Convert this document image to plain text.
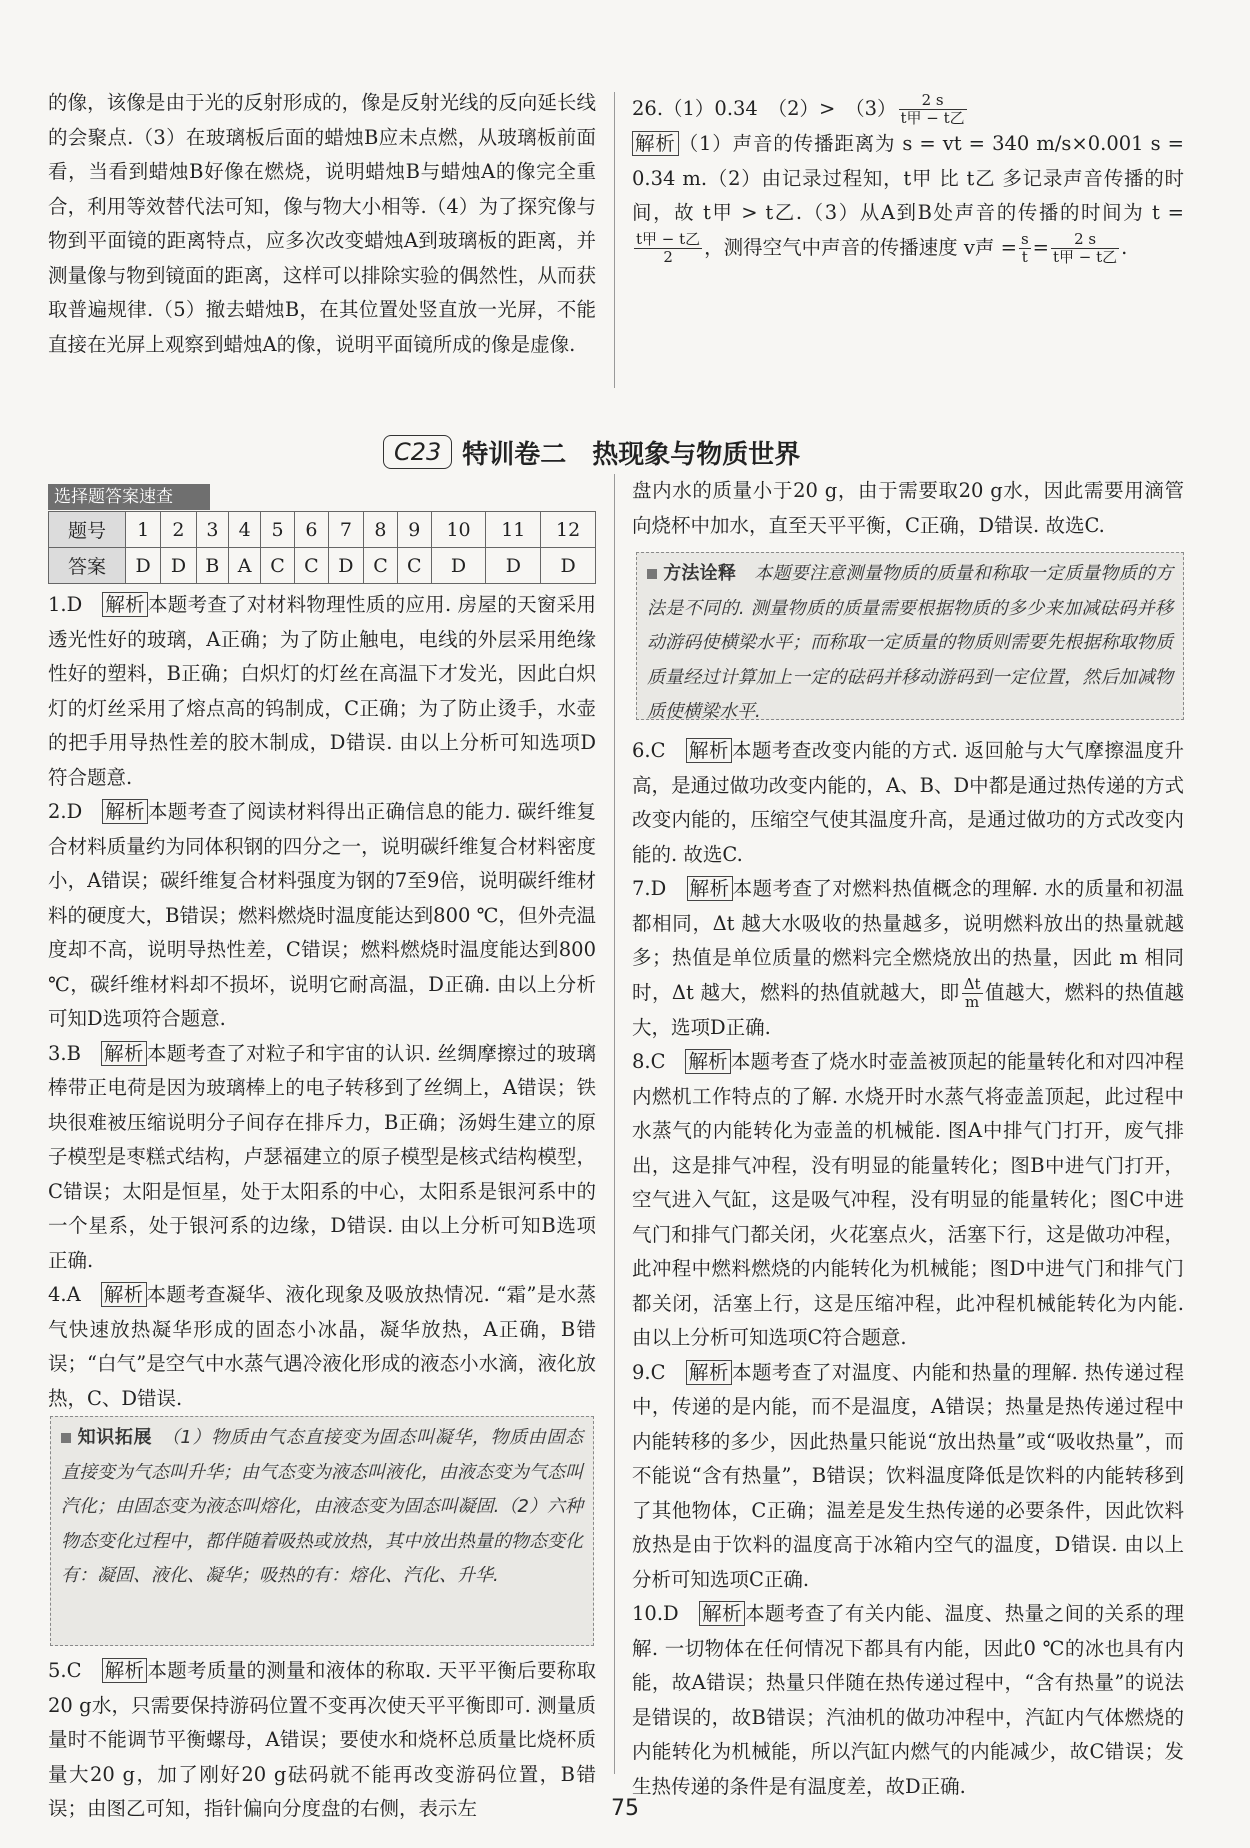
的像，该像是由于光的反射形成的，像是反射光线的反向延长线的会聚点.（3）在玻璃板后面的蜡烛B应未点燃，从玻璃板前面看，当看到蜡烛B好像在燃烧，说明蜡烛B与蜡烛A的像完全重合，利用等效替代法可知，像与物大小相等.（4）为了探究像与物到平面镜的距离特点，应多次改变蜡烛A到玻璃板的距离，并测量像与物到镜面的距离，这样可以排除实验的偶然性，从而获取普遍规律.（5）撤去蜡烛B，在其位置处竖直放一光屏，不能直接在光屏上观察到蜡烛A的像，说明平面镜所成的像是虚像.

26.（1）0.34　（2）>　$(3) \frac{2 s}{\text{t甲 − t乙}}$

解析 （1）声音的传播距离为 s = vt = 340 m/s×0.001 s = 0.34 m.（2）由记录过程知，t甲 比 t乙 多记录声音传播的时间，故 t甲 > t乙.（3）从A到B处声音的传播的时间为 t =
$\frac{\text{t甲 − t乙}}{2}$ ，测得空气中声音的传播速度 v声 = $\frac{s}{t} = \frac{2 s}{\text{t甲 − t乙}}$ .

C23 特训卷二　热现象与物质世界
选择题答案速查
题号	1	2	3	4	5	6	7	8	9	10	11	12
答案	D	D	B	A	C	C	D	C	C	D	D	D

1.D　 解析 本题考查了对材料物理性质的应用. 房屋的天窗采用透光性好的玻璃，A正确；为了防止触电，电线的外层采用绝缘性好的塑料，B正确；白炽灯的灯丝在高温下才发光，因此白炽灯的灯丝采用了熔点高的钨制成，C正确；为了防止烫手，水壶的把手用导热性差的胶木制成，D错误. 由以上分析可知选项D符合题意.

2.D　 解析 本题考查了阅读材料得出正确信息的能力. 碳纤维复合材料质量约为同体积钢的四分之一，说明碳纤维复合材料密度小，A错误；碳纤维复合材料强度为钢的7至9倍，说明碳纤维材料的硬度大，B错误；燃料燃烧时温度能达到800 ℃，但外壳温度却不高，说明导热性差，C错误；燃料燃烧时温度能达到800 ℃，碳纤维材料却不损坏，说明它耐高温，D正确. 由以上分析可知D选项符合题意.

3.B　 解析 本题考查了对粒子和宇宙的认识. 丝绸摩擦过的玻璃棒带正电荷是因为玻璃棒上的电子转移到了丝绸上，A错误；铁块很难被压缩说明分子间存在排斥力，B正确；汤姆生建立的原子模型是枣糕式结构，卢瑟福建立的原子模型是核式结构模型，C错误；太阳是恒星，处于太阳系的中心，太阳系是银河系中的一个星系，处于银河系的边缘，D错误. 由以上分析可知B选项正确.

4.A　 解析 本题考查凝华、液化现象及吸放热情况. “霜”是水蒸气快速放热凝华形成的固态小冰晶，凝华放热，A正确，B错误；“白气”是空气中水蒸气遇冷液化形成的液态小水滴，液化放热，C、D错误.

知识拓展　 （1）物质由气态直接变为固态叫凝华，物质由固态直接变为气态叫升华；由气态变为液态叫液化，由液态变为气态叫汽化；由固态变为液态叫熔化，由液态变为固态叫凝固.（2）六种物态变化过程中，都伴随着吸热或放热，其中放出热量的物态变化有：凝固、液化、凝华；吸热的有：熔化、汽化、升华.

5.C　 解析 本题考质量的测量和液体的称取. 天平平衡后要称取20 g水，只需要保持游码位置不变再次使天平平衡即可. 测量质量时不能调节平衡螺母，A错误；要使水和烧杯总质量比烧杯质量大20 g，加了刚好20 g砝码就不能再改变游码位置，B错误；由图乙可知，指针偏向分度盘的右侧，表示左

盘内水的质量小于20 g，由于需要取20 g水，因此需要用滴管向烧杯中加水，直至天平平衡，C正确，D错误. 故选C.

方法诠释　 本题要注意测量物质的质量和称取一定质量物质的方法是不同的. 测量物质的质量需要根据物质的多少来加减砝码并移动游码使横梁水平；而称取一定质量的物质则需要先根据称取物质质量经过计算加上一定的砝码并移动游码到一定位置，然后加减物质使横梁水平.

6.C　 解析 本题考查改变内能的方式. 返回舱与大气摩擦温度升高，是通过做功改变内能的，A、B、D中都是通过热传递的方式改变内能的，压缩空气使其温度升高，是通过做功的方式改变内能的. 故选C.

7.D　 解析 本题考查了对燃料热值概念的理解. 水的质量和初温都相同，Δt 越大水吸收的热量越多，说明燃料放出的热量就越多；热值是单位质量的燃料完全燃烧放出的热量，因此 m 相同时，Δt 越大，燃料的热值就越大，即 $\frac{\Delta t}{m}$ 值越大，燃料的热值越大，选项D正确.

8.C　 解析 本题考查了烧水时壶盖被顶起的能量转化和对四冲程内燃机工作特点的了解. 水烧开时水蒸气将壶盖顶起，此过程中水蒸气的内能转化为壶盖的机械能. 图A中排气门打开，废气排出，这是排气冲程，没有明显的能量转化；图B中进气门打开，空气进入气缸，这是吸气冲程，没有明显的能量转化；图C中进气门和排气门都关闭，火花塞点火，活塞下行，这是做功冲程，此冲程中燃料燃烧的内能转化为机械能；图D中进气门和排气门都关闭，活塞上行，这是压缩冲程，此冲程机械能转化为内能. 由以上分析可知选项C符合题意.

9.C　 解析 本题考查了对温度、内能和热量的理解. 热传递过程中，传递的是内能，而不是温度，A错误；热量是热传递过程中内能转移的多少，因此热量只能说“放出热量”或“吸收热量”，而不能说“含有热量”，B错误；饮料温度降低是饮料的内能转移到了其他物体，C正确；温差是发生热传递的必要条件，因此饮料放热是由于饮料的温度高于冰箱内空气的温度，D错误. 由以上分析可知选项C正确.

10.D　 解析 本题考查了有关内能、温度、热量之间的关系的理解. 一切物体在任何情况下都具有内能，因此0 ℃的冰也具有内能，故A错误；热量只伴随在热传递过程中，“含有热量”的说法是错误的，故B错误；汽油机的做功冲程中，汽缸内气体燃烧的内能转化为机械能，所以汽缸内燃气的内能减少，故C错误；发生热传递的条件是有温度差，故D正确.

75
